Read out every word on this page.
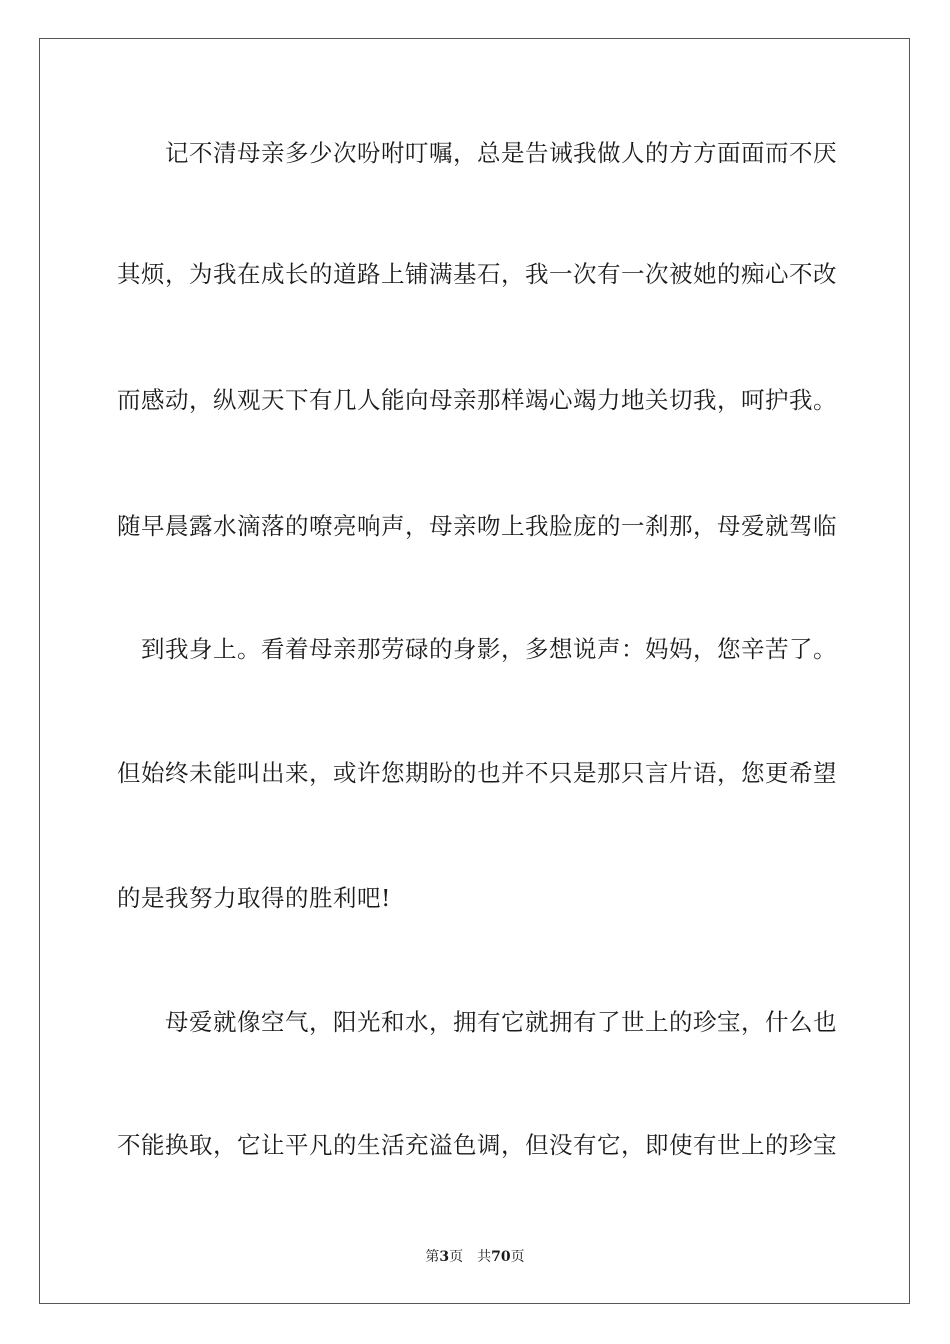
　　记不清母亲多少次吩咐叮嘱，总是告诫我做人的方方面面而不厌
其烦，为我在成长的道路上铺满基石，我一次有一次被她的痴心不改
而感动，纵观天下有几人能向母亲那样竭心竭力地关切我，呵护我。
随早晨露水滴落的嘹亮响声，母亲吻上我脸庞的一刹那，母爱就驾临
　到我身上。看着母亲那劳碌的身影，多想说声：妈妈，您辛苦了。
但始终未能叫出来，或许您期盼的也并不只是那只言片语，您更希望
的是我努力取得的胜利吧!
　　母爱就像空气，阳光和水，拥有它就拥有了世上的珍宝，什么也
不能换取，它让平凡的生活充溢色调，但没有它，即使有世上的珍宝
第3页 共70页
